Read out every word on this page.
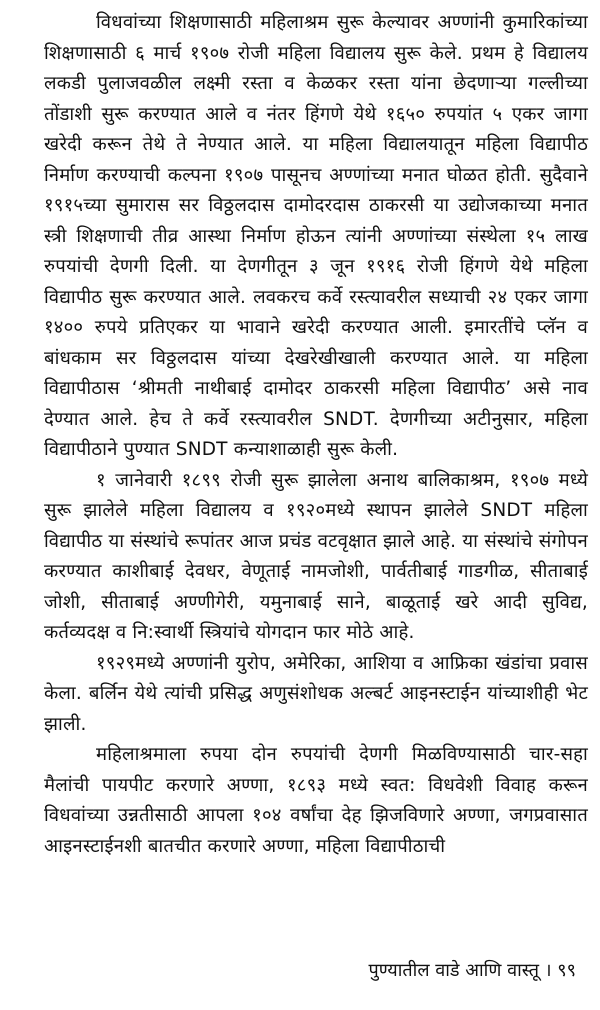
विधवांच्या शिक्षणासाठी महिलाश्रम सुरू केल्यावर अण्णांनी कुमारिकांच्या शिक्षणासाठी ६ मार्च १९०७ रोजी महिला विद्यालय सुरू केले. प्रथम हे विद्यालय लकडी पुलाजवळील लक्ष्मी रस्ता व केळकर रस्ता यांना छेदणाऱ्या गल्लीच्या तोंडाशी सुरू करण्यात आले व नंतर हिंगणे येथे १६५० रुपयांत ५ एकर जागा खरेदी करून तेथे ते नेण्यात आले. या महिला विद्यालयातून महिला विद्यापीठ निर्माण करण्याची कल्पना १९०७ पासूनच अण्णांच्या मनात घोळत होती. सुदैवाने १९१५च्या सुमारास सर विठ्ठलदास दामोदरदास ठाकरसी या उद्योजकाच्या मनात स्त्री शिक्षणाची तीव्र आस्था निर्माण होऊन त्यांनी अण्णांच्या संस्थेला १५ लाख रुपयांची देणगी दिली. या देणगीतून ३ जून १९१६ रोजी हिंगणे येथे महिला विद्यापीठ सुरू करण्यात आले. लवकरच कर्वे रस्त्यावरील सध्याची २४ एकर जागा १४०० रुपये प्रतिएकर या भावाने खरेदी करण्यात आली. इमारतींचे प्लॅन व बांधकाम सर विठ्ठलदास यांच्या देखरेखीखाली करण्यात आले. या महिला विद्यापीठास ‘श्रीमती नाथीबाई दामोदर ठाकरसी महिला विद्यापीठ’ असे नाव देण्यात आले. हेच ते कर्वे रस्त्यावरील SNDT. देणगीच्या अटीनुसार, महिला विद्यापीठाने पुण्यात SNDT कन्याशाळाही सुरू केली.

१ जानेवारी १८९९ रोजी सुरू झालेला अनाथ बालिकाश्रम, १९०७ मध्ये सुरू झालेले महिला विद्यालय व १९२०मध्ये स्थापन झालेले SNDT महिला विद्यापीठ या संस्थांचे रूपांतर आज प्रचंड वटवृक्षात झाले आहे. या संस्थांचे संगोपन करण्यात काशीबाई देवधर, वेणूताई नामजोशी, पार्वतीबाई गाडगीळ, सीताबाई जोशी, सीताबाई अण्णीगेरी, यमुनाबाई साने, बाळूताई खरे आदी सुविद्य, कर्तव्यदक्ष व नि:स्वार्थी स्त्रियांचे योगदान फार मोठे आहे.

१९२९मध्ये अण्णांनी युरोप, अमेरिका, आशिया व आफ्रिका खंडांचा प्रवास केला. बर्लिन येथे त्यांची प्रसिद्ध अणुसंशोधक अल्बर्ट आइनस्टाईन यांच्याशीही भेट झाली.

महिलाश्रमाला रुपया दोन रुपयांची देणगी मिळविण्यासाठी चार-सहा मैलांची पायपीट करणारे अण्णा, १८९३ मध्ये स्वत: विधवेशी विवाह करून विधवांच्या उन्नतीसाठी आपला १०४ वर्षांचा देह झिजविणारे अण्णा, जगप्रवासात आइनस्टाईनशी बातचीत करणारे अण्णा, महिला विद्यापीठाची

पुण्यातील वाडे आणि वास्तू । ९९
